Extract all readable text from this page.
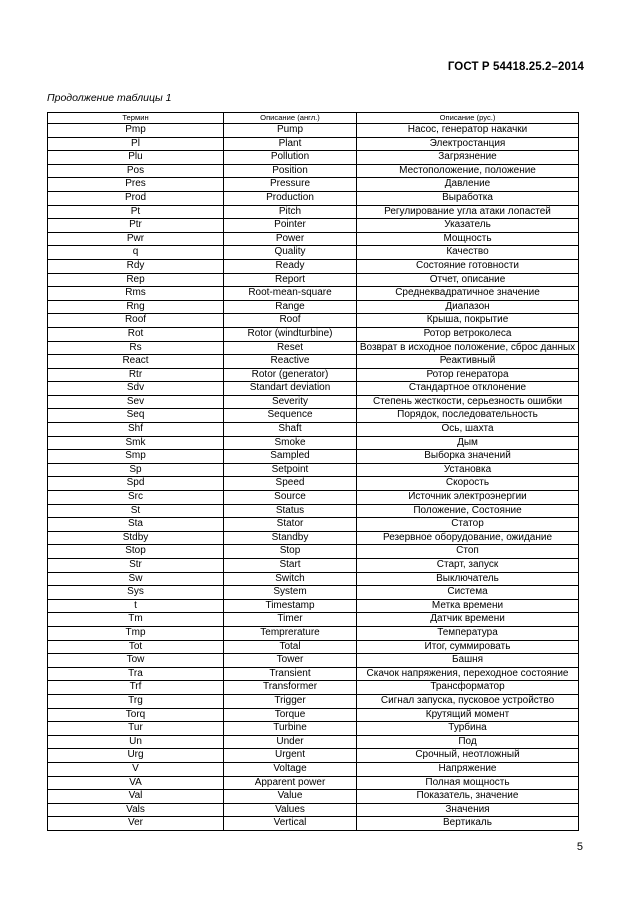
ГОСТ Р 54418.25.2–2014
Продолжение таблицы 1
Термин	Описание (англ.)	Описание (рус.)
Pmp	Pump	Насос, генератор накачки
Pl	Plant	Электростанция
Plu	Pollution	Загрязнение
Pos	Position	Местоположение, положение
Pres	Pressure	Давление
Prod	Production	Выработка
Pt	Pitch	Регулирование угла атаки лопастей
Ptr	Pointer	Указатель
Pwr	Power	Мощность
q	Quality	Качество
Rdy	Ready	Состояние готовности
Rep	Report	Отчет, описание
Rms	Root-mean-square	Среднеквадратичное значение
Rng	Range	Диапазон
Roof	Roof	Крыша, покрытие
Rot	Rotor (windturbine)	Ротор ветроколеса
Rs	Reset	Возврат в исходное положение, сброс данных
React	Reactive	Реактивный
Rtr	Rotor (generator)	Ротор генератора
Sdv	Standart deviation	Стандартное отклонение
Sev	Severity	Степень жесткости, серьезность ошибки
Seq	Sequence	Порядок, последовательность
Shf	Shaft	Ось, шахта
Smk	Smoke	Дым
Smp	Sampled	Выборка значений
Sp	Setpoint	Установка
Spd	Speed	Скорость
Src	Source	Источник электроэнергии
St	Status	Положение, Состояние
Sta	Stator	Статор
Stdby	Standby	Резервное оборудование, ожидание
Stop	Stop	Стоп
Str	Start	Старт, запуск
Sw	Switch	Выключатель
Sys	System	Система
t	Timestamp	Метка времени
Tm	Timer	Датчик времени
Tmp	Temprerature	Температура
Tot	Total	Итог, суммировать
Tow	Tower	Башня
Tra	Transient	Скачок напряжения, переходное состояние
Trf	Transformer	Трансформатор
Trg	Trigger	Сигнал запуска, пусковое устройство
Torq	Torque	Крутящий момент
Tur	Turbine	Турбина
Un	Under	Под
Urg	Urgent	Срочный, неотложный
V	Voltage	Напряжение
VA	Apparent power	Полная мощность
Val	Value	Показатель, значение
Vals	Values	Значения
Ver	Vertical	Вертикаль
5
